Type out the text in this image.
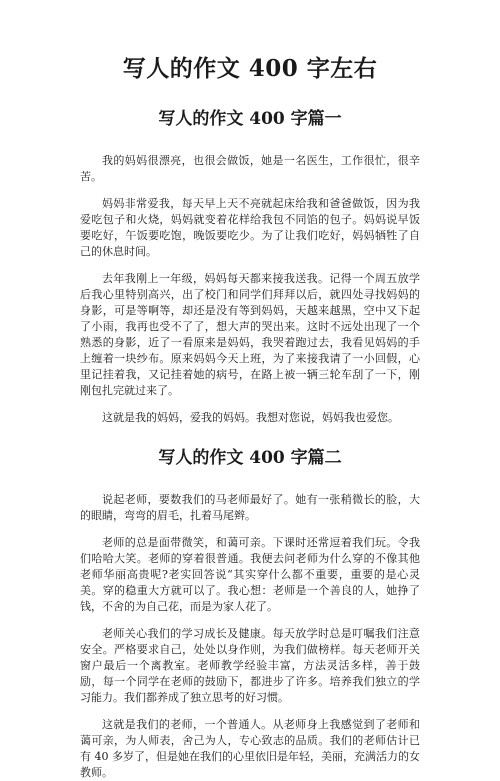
写人的作文 400 字左右
写人的作文 400 字篇一

我的妈妈很漂亮，也很会做饭，她是一名医生，工作很忙，很辛苦。

妈妈非常爱我，每天早上天不亮就起床给我和爸爸做饭，因为我爱吃包子和火烧，妈妈就变着花样给我包不同馅的包子。妈妈说早饭要吃好，午饭要吃饱，晚饭要吃少。为了让我们吃好，妈妈牺牲了自己的休息时间。

去年我刚上一年级，妈妈每天都来接我送我。记得一个周五放学后我心里特别高兴，出了校门和同学们拜拜以后，就四处寻找妈妈的身影，可是等啊等，却还是没有等到妈妈，天越来越黑，空中又下起了小雨，我再也受不了了，想大声的哭出来。这时不远处出现了一个熟悉的身影，近了一看原来是妈妈，我哭着跑过去，我看见妈妈的手上缠着一块纱布。原来妈妈今天上班，为了来接我请了一小回假，心里记挂着我，又记挂着她的病号，在路上被一辆三轮车刮了一下，刚刚包扎完就过来了。

这就是我的妈妈，爱我的妈妈。我想对您说，妈妈我也爱您。

写人的作文 400 字篇二

说起老师，要数我们的马老师最好了。她有一张稍微长的脸，大的眼睛，弯弯的眉毛，扎着马尾辫。

老师的总是面带微笑，和蔼可亲。下课时还常逗着我们玩。令我们哈哈大笑。老师的穿着很普通。我便去问老师为什么穿的不像其他老师华丽高贵呢?老实回答说“其实穿什么都不重要，重要的是心灵美。穿的稳重大方就可以了。我心想：老师是一个善良的人，她挣了钱，不舍的为自己花，而是为家人花了。

老师关心我们的学习成长及健康。每天放学时总是叮嘱我们注意安全。严格要求自己，处处以身作则，为我们做榜样。每天老师开关窗户最后一个离教室。老师教学经验丰富，方法灵活多样，善于鼓励，每一个同学在老师的鼓励下，都进步了许多。培养我们独立的学习能力。我们都养成了独立思考的好习惯。

这就是我们的老师，一个普通人。从老师身上我感觉到了老师和蔼可亲，为人师表，舍己为人，专心致志的品质。我们的老师估计已有 40 多岁了，但是她在我们的心里依旧是年轻，美丽，充满活力的女教师。
